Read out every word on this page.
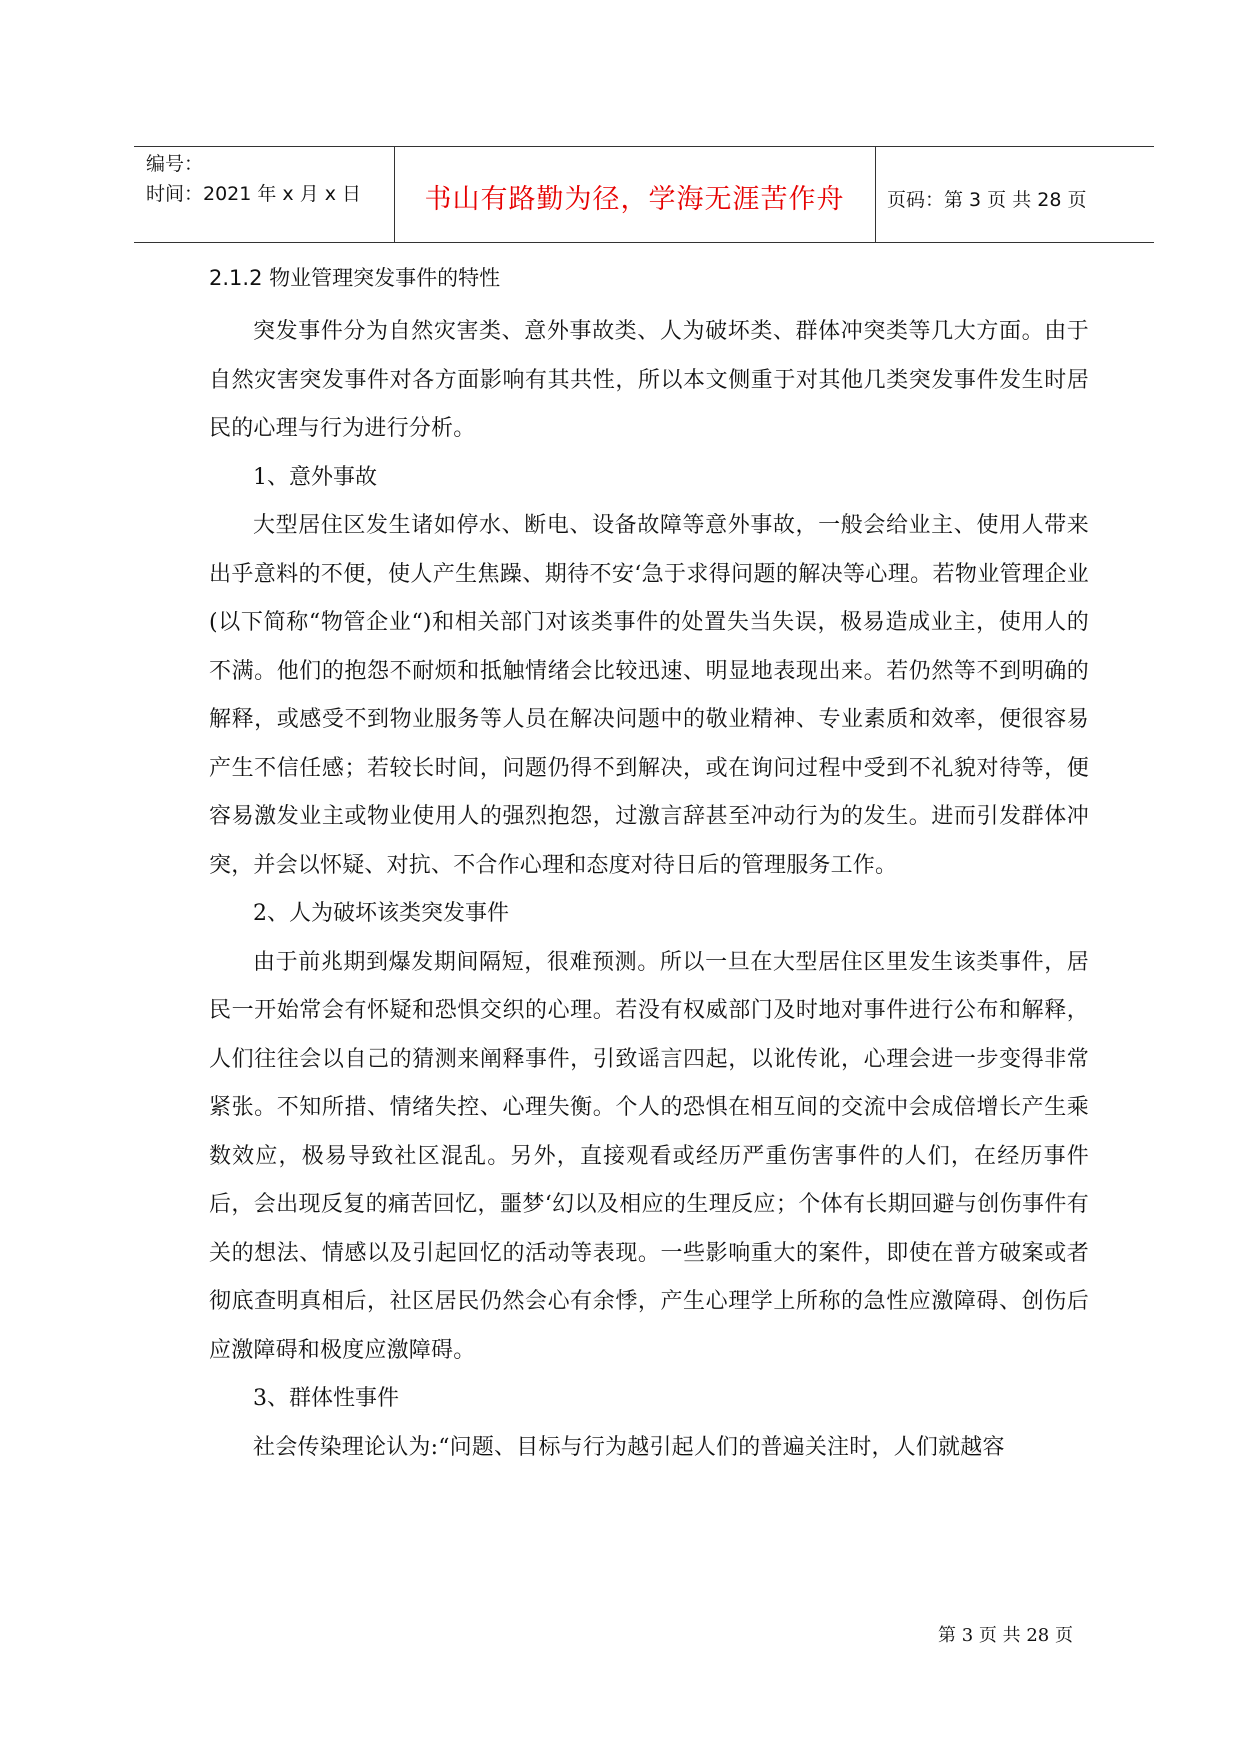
编号：
时间：2021 年 x 月 x 日	书山有路勤为径，学海无涯苦作舟	页码：第 3 页 共 28 页
2.1.2 物业管理突发事件的特性

突发事件分为自然灾害类、意外事故类、人为破坏类、群体冲突类等几大方面。由于自然灾害突发事件对各方面影响有其共性，所以本文侧重于对其他几类突发事件发生时居民的心理与行为进行分析。

1、意外事故

大型居住区发生诸如停水、断电、设备故障等意外事故，一般会给业主、使用人带来出乎意料的不便，使人产生焦躁、期待不安‘急于求得问题的解决等心理。若物业管理企业(以下简称“物管企业“)和相关部门对该类事件的处置失当失误，极易造成业主，使用人的不满。他们的抱怨不耐烦和抵触情绪会比较迅速、明显地表现出来。若仍然等不到明确的解释，或感受不到物业服务等人员在解决问题中的敬业精神、专业素质和效率，便很容易产生不信任感；若较长时间，问题仍得不到解决，或在询问过程中受到不礼貌对待等，便容易激发业主或物业使用人的强烈抱怨，过激言辞甚至冲动行为的发生。进而引发群体冲突，并会以怀疑、对抗、不合作心理和态度对待日后的管理服务工作。

2、人为破坏该类突发事件

由于前兆期到爆发期间隔短，很难预测。所以一旦在大型居住区里发生该类事件，居民一开始常会有怀疑和恐惧交织的心理。若没有权威部门及时地对事件进行公布和解释，人们往往会以自己的猜测来阐释事件，引致谣言四起，以讹传讹，心理会进一步变得非常紧张。不知所措、情绪失控、心理失衡。个人的恐惧在相互间的交流中会成倍增长产生乘数效应，极易导致社区混乱。另外，直接观看或经历严重伤害事件的人们，在经历事件后，会出现反复的痛苦回忆，噩梦‘幻以及相应的生理反应；个体有长期回避与创伤事件有关的想法、情感以及引起回忆的活动等表现。一些影响重大的案件，即使在普方破案或者彻底查明真相后，社区居民仍然会心有余悸，产生心理学上所称的急性应激障碍、创伤后应激障碍和极度应激障碍。

3、群体性事件

社会传染理论认为:“问题、目标与行为越引起人们的普遍关注时，人们就越容

第 3 页 共 28 页
